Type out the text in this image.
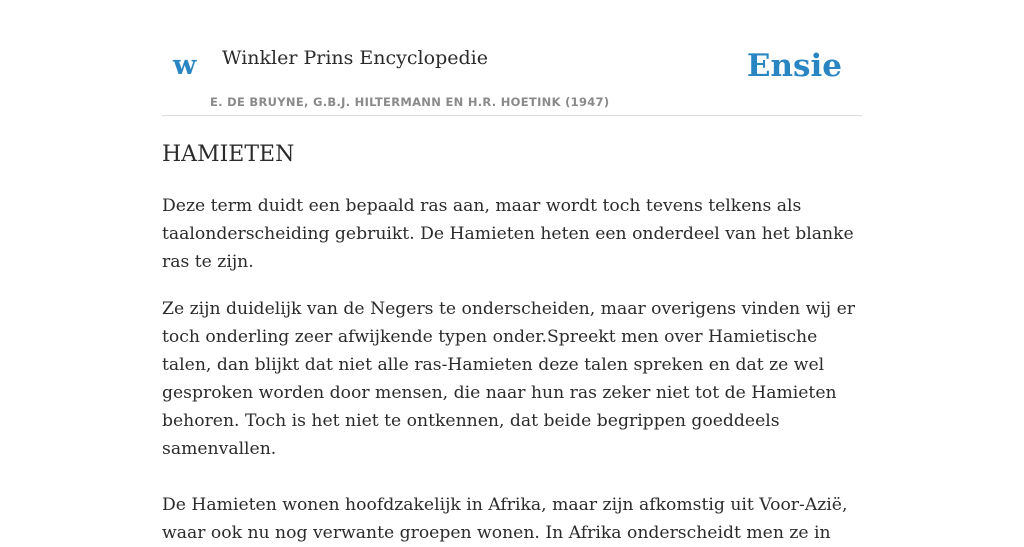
w Winkler Prins Encyclopedie	Ensie
E. DE BRUYNE, G.B.J. HILTERMANN EN H.R. HOETINK (1947)
HAMIETEN

Deze term duidt een bepaald ras aan, maar wordt toch tevens telkens als taalonderscheiding gebruikt. De Hamieten heten een onderdeel van het blanke ras te zijn.

Ze zijn duidelijk van de Negers te onderscheiden, maar overigens vinden wij er toch onderling zeer afwijkende typen onder.Spreekt men over Hamietische talen, dan blijkt dat niet alle ras-Hamieten deze talen spreken en dat ze wel gesproken worden door mensen, die naar hun ras zeker niet tot de Hamieten behoren. Toch is het niet te ontkennen, dat beide begrippen goeddeels samenvallen.

De Hamieten wonen hoofdzakelijk in Afrika, maar zijn afkomstig uit Voor-Azië, waar ook nu nog verwante groepen wonen. In Afrika onderscheidt men ze in
